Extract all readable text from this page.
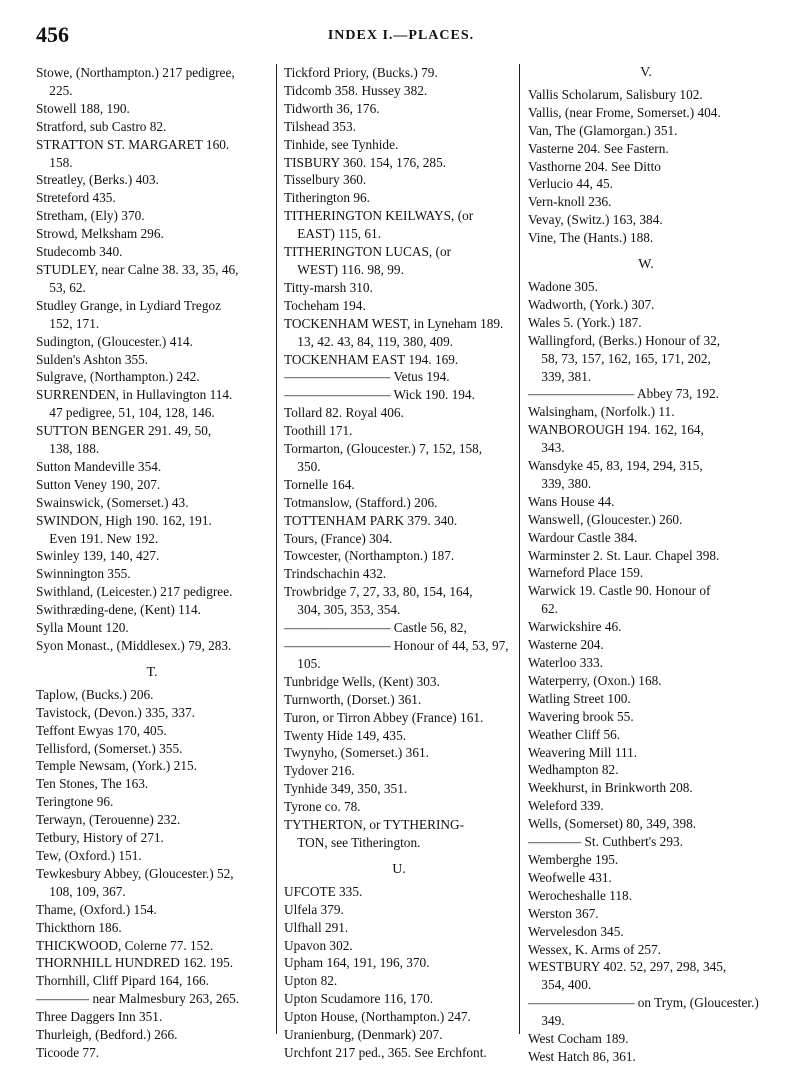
456	INDEX I.—PLACES.
Stowe, (Northampton.) 217 pedigree,
225.
Stowell 188, 190.
Stratford, sub Castro 82.
STRATTON ST. MARGARET 160.
158.
Streatley, (Berks.) 403.
Streteford 435.
Stretham, (Ely) 370.
Strowd, Melksham 296.
Studecomb 340.
STUDLEY, near Calne 38. 33, 35, 46,
53, 62.
Studley Grange, in Lydiard Tregoz
152, 171.
Sudington, (Gloucester.) 414.
Sulden's Ashton 355.
Sulgrave, (Northampton.) 242.
SURRENDEN, in Hullavington 114.
47 pedigree, 51, 104, 128, 146.
SUTTON BENGER 291. 49, 50,
138, 188.
Sutton Mandeville 354.
Sutton Veney 190, 207.
Swainswick, (Somerset.) 43.
SWINDON, High 190. 162, 191.
Even 191. New 192.
Swinley 139, 140, 427.
Swinnington 355.
Swithland, (Leicester.) 217 pedigree.
Swithræding-dene, (Kent) 114.
Sylla Mount 120.
Syon Monast., (Middlesex.) 79, 283.
T.
Taplow, (Bucks.) 206.
Tavistock, (Devon.) 335, 337.
Teffont Ewyas 170, 405.
Tellisford, (Somerset.) 355.
Temple Newsam, (York.) 215.
Ten Stones, The 163.
Teringtone 96.
Terwayn, (Terouenne) 232.
Tetbury, History of 271.
Tew, (Oxford.) 151.
Tewkesbury Abbey, (Gloucester.) 52,
108, 109, 367.
Thame, (Oxford.) 154.
Thickthorn 186.
THICKWOOD, Colerne 77. 152.
THORNHILL HUNDRED 162. 195.
Thornhill, Cliff Pipard 164, 166.
———— near Malmesbury 263, 265.
Three Daggers Inn 351.
Thurleigh, (Bedford.) 266.
Ticoode 77.
Tickford Priory, (Bucks.) 79.
Tidcomb 358. Hussey 382.
Tidworth 36, 176.
Tilshead 353.
Tinhide, see Tynhide.
TISBURY 360. 154, 176, 285.
Tisselbury 360.
Titherington 96.
TITHERINGTON KEILWAYS, (or
EAST) 115, 61.
TITHERINGTON LUCAS, (or
WEST) 116. 98, 99.
Titty-marsh 310.
Tocheham 194.
TOCKENHAM WEST, in Lyneham 189.
13, 42. 43, 84, 119, 380, 409.
TOCKENHAM EAST 194. 169.
———————— Vetus 194.
———————— Wick 190. 194.
Tollard 82. Royal 406.
Toothill 171.
Tormarton, (Gloucester.) 7, 152, 158,
350.
Tornelle 164.
Totmanslow, (Stafford.) 206.
TOTTENHAM PARK 379. 340.
Tours, (France) 304.
Towcester, (Northampton.) 187.
Trindschachin 432.
Trowbridge 7, 27, 33, 80, 154, 164,
304, 305, 353, 354.
———————— Castle 56, 82,
———————— Honour of 44, 53, 97,
105.
Tunbridge Wells, (Kent) 303.
Turnworth, (Dorset.) 361.
Turon, or Tirron Abbey (France) 161.
Twenty Hide 149, 435.
Twynyho, (Somerset.) 361.
Tydover 216.
Tynhide 349, 350, 351.
Tyrone co. 78.
TYTHERTON, or TYTHERING-
TON, see Titherington.
U.
UFCOTE 335.
Ulfela 379.
Ulfhall 291.
Upavon 302.
Upham 164, 191, 196, 370.
Upton 82.
Upton Scudamore 116, 170.
Upton House, (Northampton.) 247.
Uranienburg, (Denmark) 207.
Urchfont 217 ped., 365. See Erchfont.
V.
Vallis Scholarum, Salisbury 102.
Vallis, (near Frome, Somerset.) 404.
Van, The (Glamorgan.) 351.
Vasterne 204. See Fastern.
Vasthorne 204. See Ditto
Verlucio 44, 45.
Vern-knoll 236.
Vevay, (Switz.) 163, 384.
Vine, The (Hants.) 188.
W.
Wadone 305.
Wadworth, (York.) 307.
Wales 5. (York.) 187.
Wallingford, (Berks.) Honour of 32,
58, 73, 157, 162, 165, 171, 202,
339, 381.
———————— Abbey 73, 192.
Walsingham, (Norfolk.) 11.
WANBOROUGH 194. 162, 164,
343.
Wansdyke 45, 83, 194, 294, 315,
339, 380.
Wans House 44.
Wanswell, (Gloucester.) 260.
Wardour Castle 384.
Warminster 2. St. Laur. Chapel 398.
Warneford Place 159.
Warwick 19. Castle 90. Honour of
62.
Warwickshire 46.
Wasterne 204.
Waterloo 333.
Waterperry, (Oxon.) 168.
Watling Street 100.
Wavering brook 55.
Weather Cliff 56.
Weavering Mill 111.
Wedhampton 82.
Weekhurst, in Brinkworth 208.
Weleford 339.
Wells, (Somerset) 80, 349, 398.
———— St. Cuthbert's 293.
Wemberghe 195.
Weofwelle 431.
Werocheshalle 118.
Werston 367.
Wervelesdon 345.
Wessex, K. Arms of 257.
WESTBURY 402. 52, 297, 298, 345,
354, 400.
———————— on Trym, (Gloucester.)
349.
West Cocham 189.
West Hatch 86, 361.
